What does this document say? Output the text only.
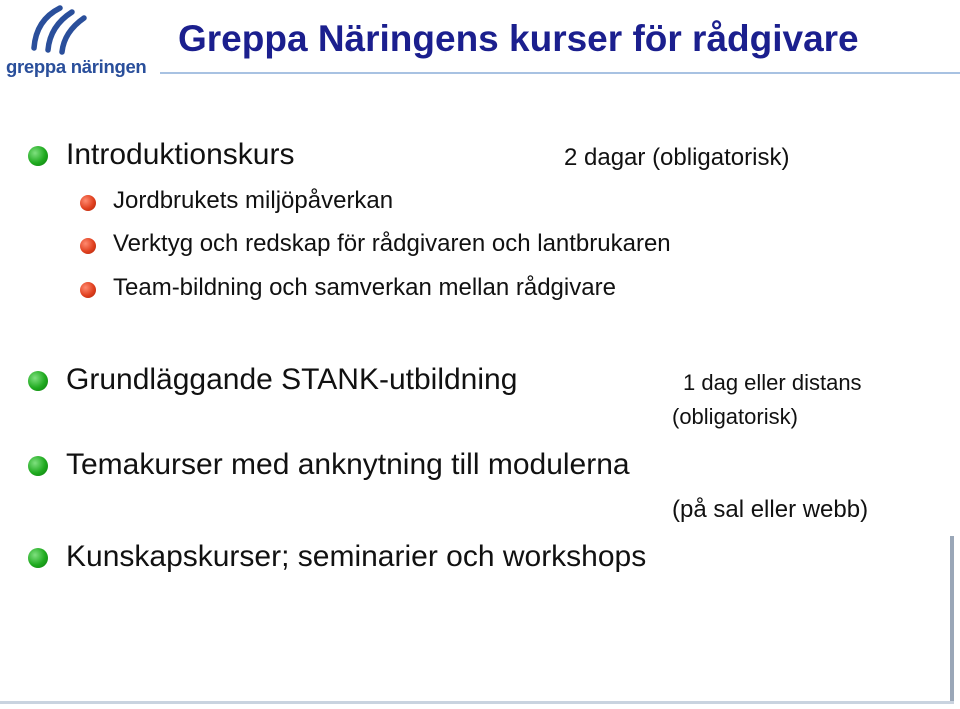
greppa näringen
Greppa Näringens kurser för rådgivare
Introduktionskurs	2 dagar (obligatorisk)
Jordbrukets miljöpåverkan
Verktyg och redskap för rådgivaren och lantbrukaren
Team-bildning och samverkan mellan rådgivare
Grundläggande STANK-utbildning	1 dag eller distans
(obligatorisk)
Temakurser med anknytning till modulerna
(på sal eller webb)
Kunskapskurser; seminarier och workshops
